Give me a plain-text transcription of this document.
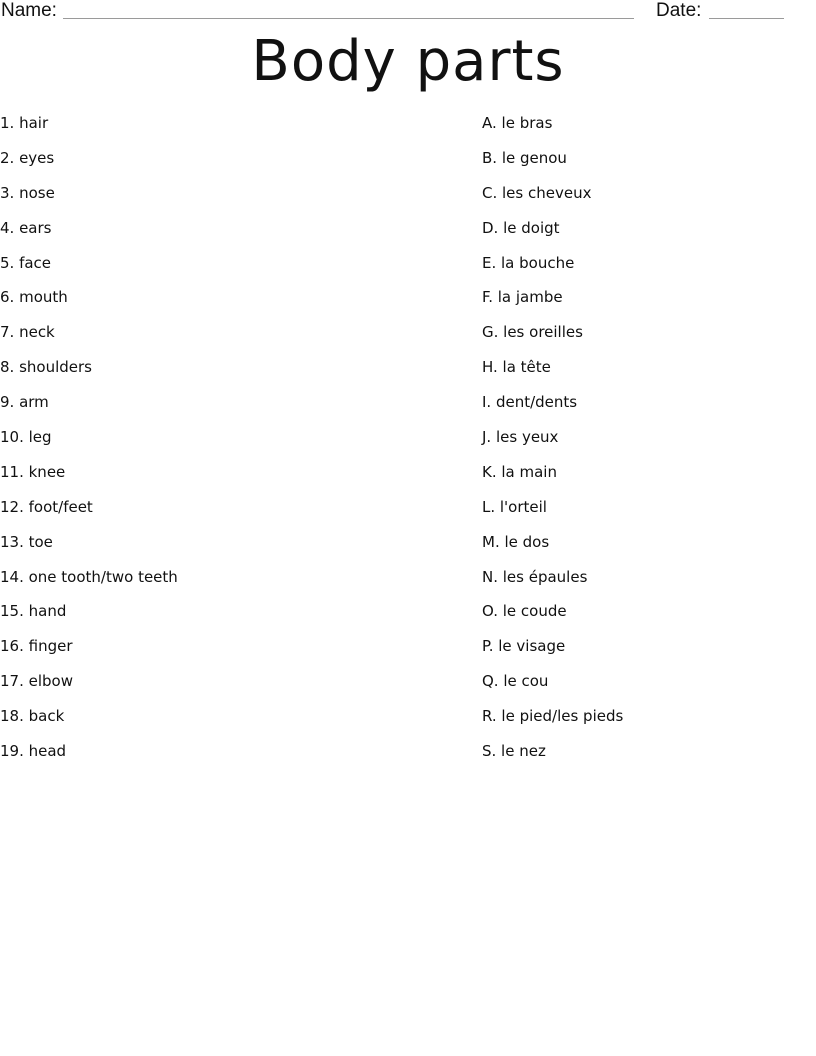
Name:	Date:
Body parts
1. hair
2. eyes
3. nose
4. ears
5. face
6. mouth
7. neck
8. shoulders
9. arm
10. leg
11. knee
12. foot/feet
13. toe
14. one tooth/two teeth
15. hand
16. finger
17. elbow
18. back
19. head
A. le bras
B. le genou
C. les cheveux
D. le doigt
E. la bouche
F. la jambe
G. les oreilles
H. la tête
I. dent/dents
J. les yeux
K. la main
L. l'orteil
M. le dos
N. les épaules
O. le coude
P. le visage
Q. le cou
R. le pied/les pieds
S. le nez
